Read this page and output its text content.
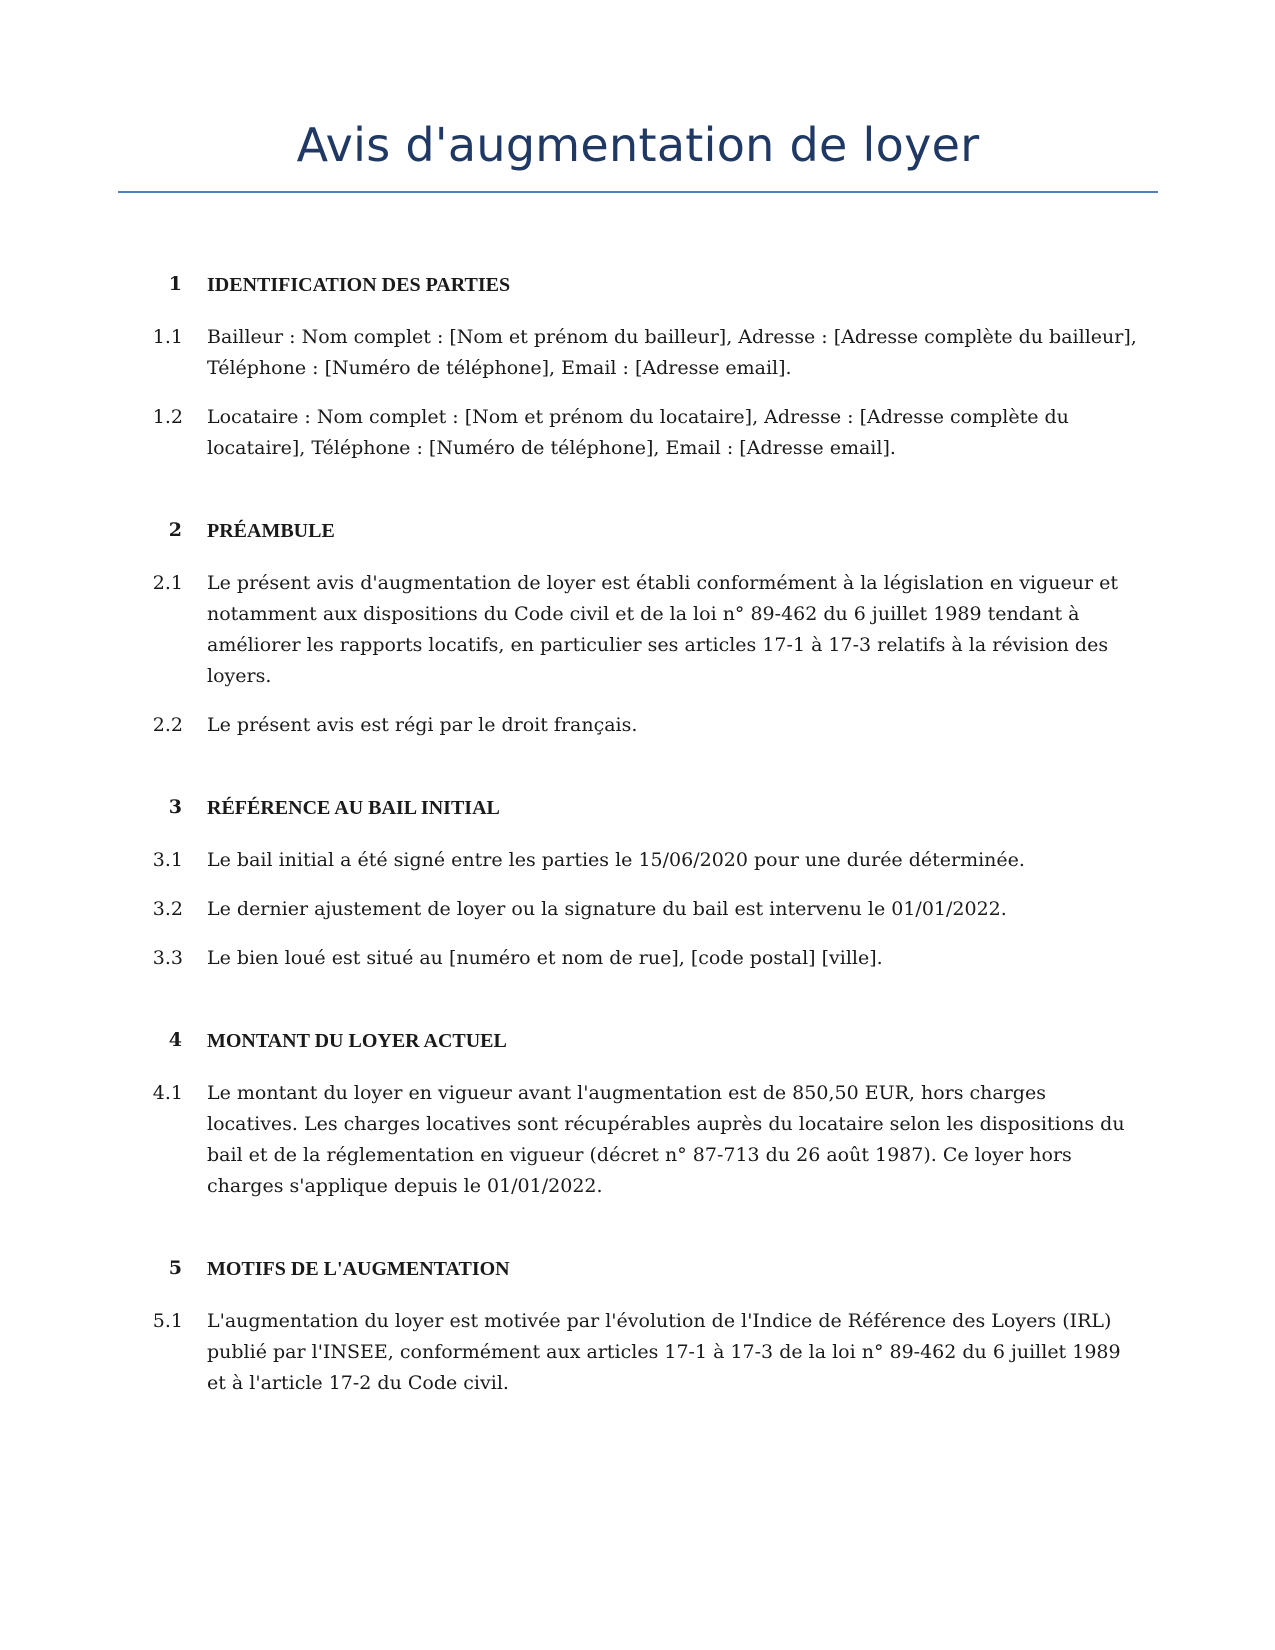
Avis d'augmentation de loyer
1 IDENTIFICATION DES PARTIES
1.1 Bailleur : Nom complet : [Nom et prénom du bailleur], Adresse : [Adresse complète du bailleur], Téléphone : [Numéro de téléphone], Email : [Adresse email].
1.2 Locataire : Nom complet : [Nom et prénom du locataire], Adresse : [Adresse complète du locataire], Téléphone : [Numéro de téléphone], Email : [Adresse email].
2 PRÉAMBULE
2.1 Le présent avis d'augmentation de loyer est établi conformément à la législation en vigueur et notamment aux dispositions du Code civil et de la loi n° 89-462 du 6 juillet 1989 tendant à améliorer les rapports locatifs, en particulier ses articles 17-1 à 17-3 relatifs à la révision des loyers.
2.2 Le présent avis est régi par le droit français.
3 RÉFÉRENCE AU BAIL INITIAL
3.1 Le bail initial a été signé entre les parties le 15/06/2020 pour une durée déterminée.
3.2 Le dernier ajustement de loyer ou la signature du bail est intervenu le 01/01/2022.
3.3 Le bien loué est situé au [numéro et nom de rue], [code postal] [ville].
4 MONTANT DU LOYER ACTUEL
4.1 Le montant du loyer en vigueur avant l'augmentation est de 850,50 EUR, hors charges locatives. Les charges locatives sont récupérables auprès du locataire selon les dispositions du bail et de la réglementation en vigueur (décret n° 87-713 du 26 août 1987). Ce loyer hors charges s'applique depuis le 01/01/2022.
5 MOTIFS DE L'AUGMENTATION
5.1 L'augmentation du loyer est motivée par l'évolution de l'Indice de Référence des Loyers (IRL) publié par l'INSEE, conformément aux articles 17-1 à 17-3 de la loi n° 89-462 du 6 juillet 1989 et à l'article 17-2 du Code civil.
